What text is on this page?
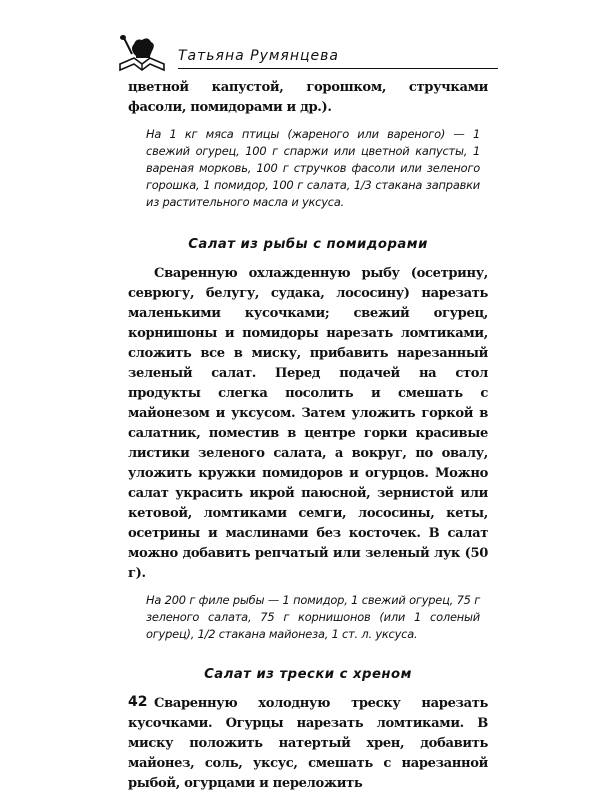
Татьяна Румянцева

цветной капустой, горошком, стручками фасоли, помидорами и др.).

На 1 кг мяса птицы (жареного или вареного) — 1 свежий огурец, 100 г спаржи или цветной капусты, 1 вареная морковь, 100 г стручков фасоли или зеленого горошка, 1 помидор, 100 г салата, 1/3 стакана заправки из растительного масла и уксуса.

Салат из рыбы с помидорами

Сваренную охлажденную рыбу (осетрину, севрюгу, белугу, судака, лососину) нарезать маленькими кусочками; свежий огурец, корнишоны и помидоры нарезать ломтиками, сложить все в миску, прибавить нарезанный зеленый салат. Перед подачей на стол продукты слегка посолить и смешать с майонезом и уксусом. Затем уложить горкой в салатник, поместив в центре горки красивые листики зеленого салата, а вокруг, по овалу, уложить кружки помидоров и огурцов. Можно салат украсить икрой паюсной, зернистой или кетовой, ломтиками семги, лососины, кеты, осетрины и маслинами без косточек. В салат можно добавить репчатый или зеленый лук (50 г).

На 200 г филе рыбы — 1 помидор, 1 свежий огурец, 75 г зеленого салата, 75 г корнишонов (или 1 соленый огурец), 1/2 стакана майонеза, 1 ст. л. уксуса.

Салат из трески с хреном

Сваренную холодную треску нарезать кусочками. Огурцы нарезать ломтиками. В миску положить натертый хрен, добавить майонез, соль, уксус, смешать с нарезанной рыбой, огурцами и переложить

42
